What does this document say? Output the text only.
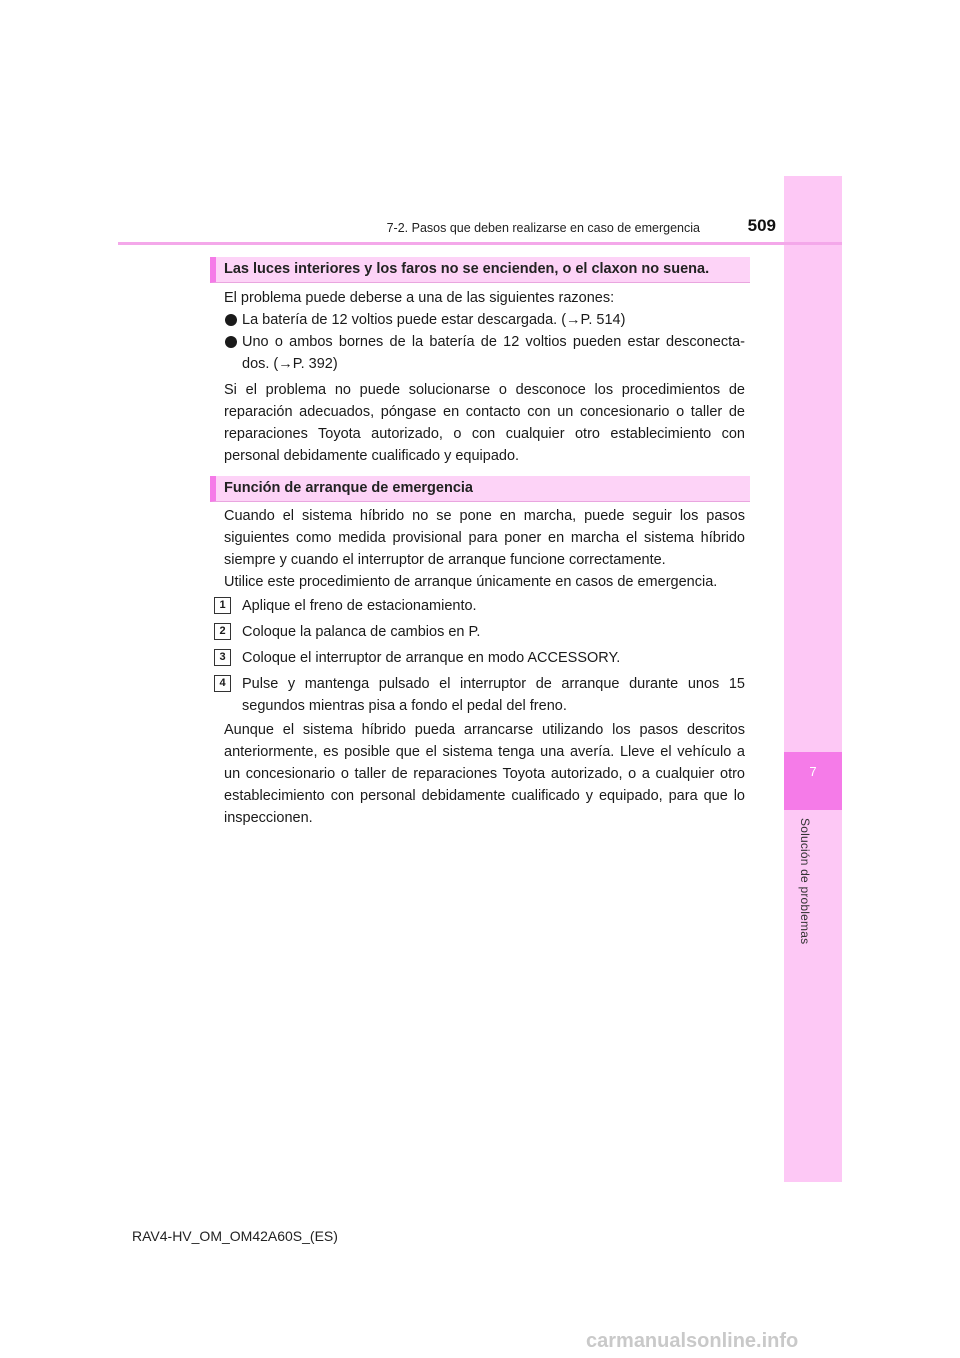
7
Solución de problemas
7-2. Pasos que deben realizarse en caso de emergencia	509
Las luces interiores y los faros no se encienden, o el claxon no suena.

El problema puede deberse a una de las siguientes razones:

La batería de 12 voltios puede estar descargada. (→P. 514)
Uno o ambos bornes de la batería de 12 voltios pueden estar desconecta-dos. (→P. 392)

Si el problema no puede solucionarse o desconoce los procedimientos de reparación adecuados, póngase en contacto con un concesionario o taller de reparaciones Toyota autorizado, o con cualquier otro establecimiento con personal debidamente cualificado y equipado.

Función de arranque de emergencia

Cuando el sistema híbrido no se pone en marcha, puede seguir los pasos siguientes como medida provisional para poner en marcha el sistema híbrido siempre y cuando el interruptor de arranque funcione correctamente.

Utilice este procedimiento de arranque únicamente en casos de emergencia.

1	Aplique el freno de estacionamiento.
2	Coloque la palanca de cambios en P.
3	Coloque el interruptor de arranque en modo ACCESSORY.
4	Pulse y mantenga pulsado el interruptor de arranque durante unos 15 segundos mientras pisa a fondo el pedal del freno.

Aunque el sistema híbrido pueda arrancarse utilizando los pasos descritos anteriormente, es posible que el sistema tenga una avería. Lleve el vehículo a un concesionario o taller de reparaciones Toyota autorizado, o a cualquier otro establecimiento con personal debidamente cualificado y equipado, para que lo inspeccionen.

RAV4-HV_OM_OM42A60S_(ES)
carmanualsonline.info
